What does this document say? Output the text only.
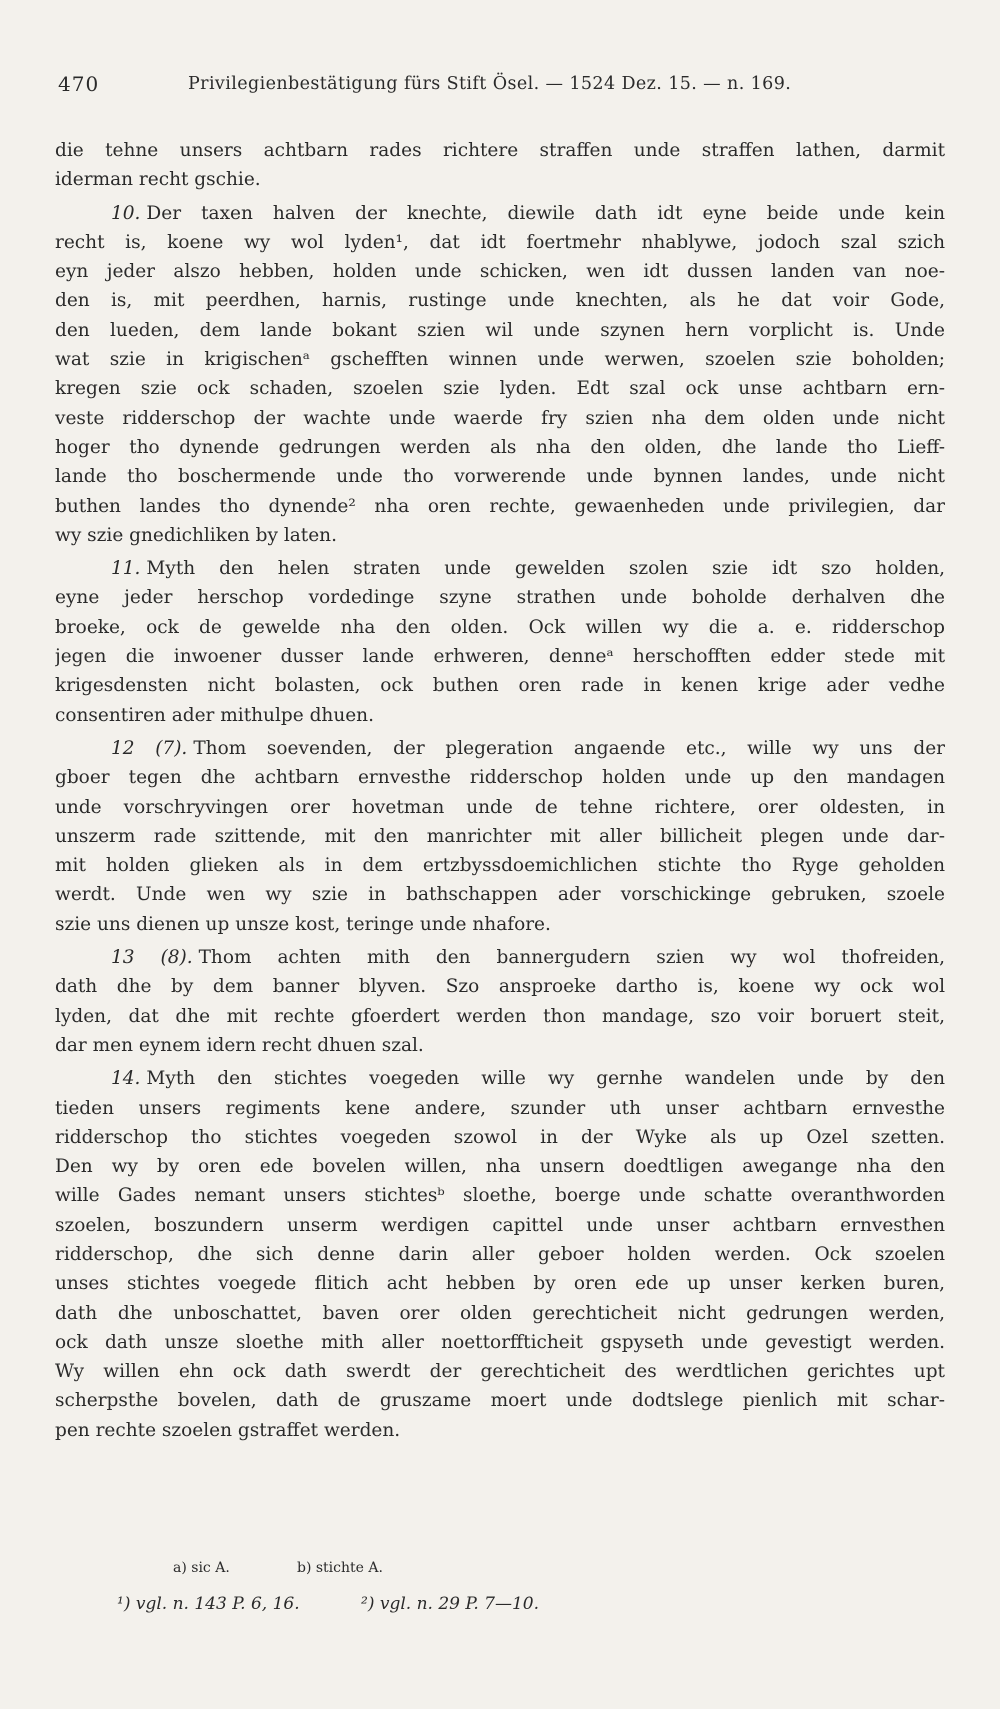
470	Privilegienbestätigung fürs Stift Ösel. — 1524 Dez. 15. — n. 169.
die tehne unsers achtbarn rades richtere straffen unde straffen lathen, darmit
iderman recht gschie.
10. Der taxen halven der knechte, diewile dath idt eyne beide unde kein
recht is, koene wy wol lyden¹, dat idt foertmehr nhablywe, jodoch szal szich
eyn jeder alszo hebben, holden unde schicken, wen idt dussen landen van noe-
den is, mit peerdhen, harnis, rustinge unde knechten, als he dat voir Gode,
den lueden, dem lande bokant szien wil unde szynen hern vorplicht is. Unde
wat szie in krigischenᵃ gschefften winnen unde werwen, szoelen szie boholden;
kregen szie ock schaden, szoelen szie lyden. Edt szal ock unse achtbarn ern-
veste ridderschop der wachte unde waerde fry szien nha dem olden unde nicht
hoger tho dynende gedrungen werden als nha den olden, dhe lande tho Lieff-
lande tho boschermende unde tho vorwerende unde bynnen landes, unde nicht
buthen landes tho dynende² nha oren rechte, gewaenheden unde privilegien, dar
wy szie gnedichliken by laten.
11. Myth den helen straten unde gewelden szolen szie idt szo holden,
eyne jeder herschop vordedinge szyne strathen unde boholde derhalven dhe
broeke, ock de gewelde nha den olden. Ock willen wy die a. e. ridderschop
jegen die inwoener dusser lande erhweren, denneᵃ herschofften edder stede mit
krigesdensten nicht bolasten, ock buthen oren rade in kenen krige ader vedhe
consentiren ader mithulpe dhuen.
12 (7). Thom soevenden, der plegeration angaende etc., wille wy uns der
gboer tegen dhe achtbarn ernvesthe ridderschop holden unde up den mandagen
unde vorschryvingen orer hovetman unde de tehne richtere, orer oldesten, in
unszerm rade szittende, mit den manrichter mit aller billicheit plegen unde dar-
mit holden glieken als in dem ertzbyssdoemichlichen stichte tho Ryge geholden
werdt. Unde wen wy szie in bathschappen ader vorschickinge gebruken, szoele
szie uns dienen up unsze kost, teringe unde nhafore.
13 (8). Thom achten mith den bannergudern szien wy wol thofreiden,
dath dhe by dem banner blyven. Szo ansproeke dartho is, koene wy ock wol
lyden, dat dhe mit rechte gfoerdert werden thon mandage, szo voir boruert steit,
dar men eynem idern recht dhuen szal.
14. Myth den stichtes voegeden wille wy gernhe wandelen unde by den
tieden unsers regiments kene andere, szunder uth unser achtbarn ernvesthe
ridderschop tho stichtes voegeden szowol in der Wyke als up Ozel szetten.
Den wy by oren ede bovelen willen, nha unsern doedtligen awegange nha den
wille Gades nemant unsers stichtesᵇ sloethe, boerge unde schatte overanthworden
szoelen, boszundern unserm werdigen capittel unde unser achtbarn ernvesthen
ridderschop, dhe sich denne darin aller geboer holden werden. Ock szoelen
unses stichtes voegede flitich acht hebben by oren ede up unser kerken buren,
dath dhe unboschattet, baven orer olden gerechticheit nicht gedrungen werden,
ock dath unsze sloethe mith aller noettorffticheit gspyseth unde gevestigt werden.
Wy willen ehn ock dath swerdt der gerechticheit des werdtlichen gerichtes upt
scherpsthe bovelen, dath de gruszame moert unde dodtslege pienlich mit schar-
pen rechte szoelen gstraffet werden.
a) sic A.	b) stichte A.
¹) vgl. n. 143 P. 6, 16.	²) vgl. n. 29 P. 7—10.
